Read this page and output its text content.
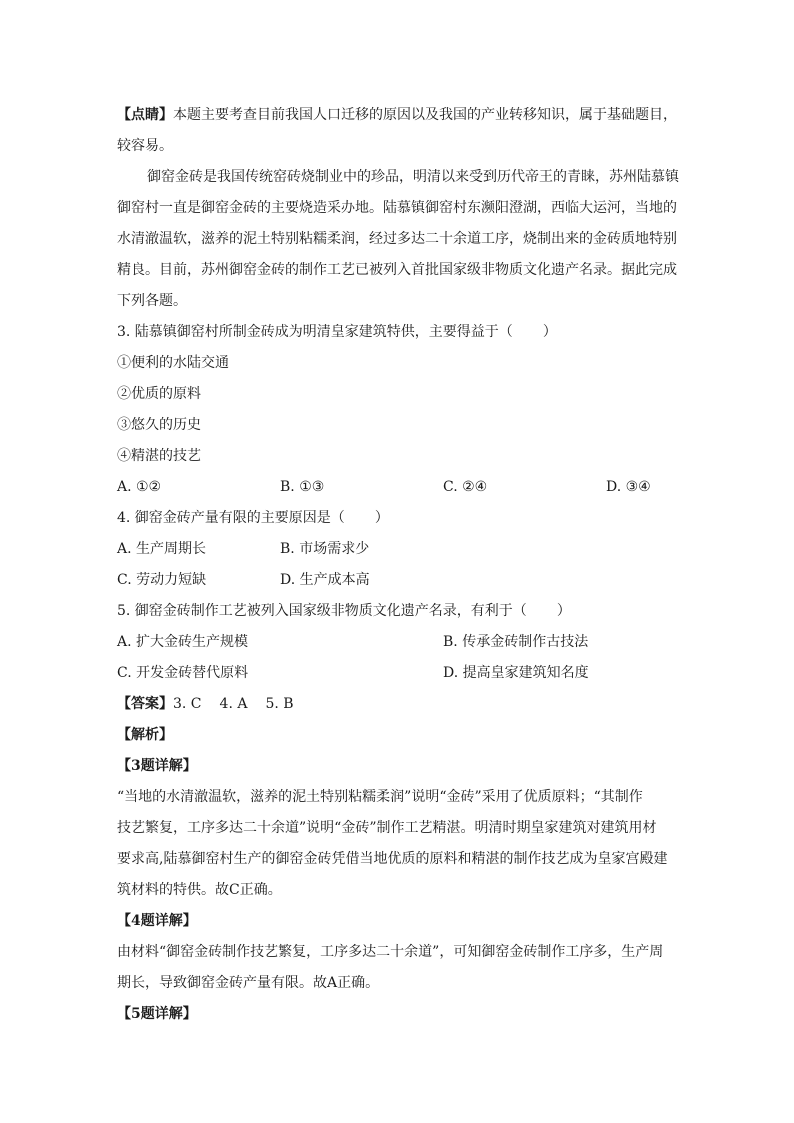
【点睛】本题主要考查目前我国人口迁移的原因以及我国的产业转移知识，属于基础题目，
较容易。
御窑金砖是我国传统窑砖烧制业中的珍品，明清以来受到历代帝王的青睐，苏州陆慕镇
御窑村一直是御窑金砖的主要烧造采办地。陆慕镇御窑村东濒阳澄湖，西临大运河，当地的
水清澈温软，滋养的泥土特别粘糯柔润，经过多达二十余道工序，烧制出来的金砖质地特别
精良。目前，苏州御窑金砖的制作工艺已被列入首批国家级非物质文化遗产名录。据此完成
下列各题。
3. 陆慕镇御窑村所制金砖成为明清皇家建筑特供，主要得益于（ ）
①便利的水陆交通
②优质的原料
③悠久的历史
④精湛的技艺
A. ①②	B. ①③	C. ②④	D. ③④
4. 御窑金砖产量有限的主要原因是（ ）
A. 生产周期长	B. 市场需求少
C. 劳动力短缺	D. 生产成本高
5. 御窑金砖制作工艺被列入国家级非物质文化遗产名录，有利于（ ）
A. 扩大金砖生产规模	B. 传承金砖制作古技法
C. 开发金砖替代原料	D. 提高皇家建筑知名度
【答案】3. C 4. A 5. B
【解析】
【3题详解】
“当地的水清澈温软，滋养的泥土特别粘糯柔润”说明“金砖”采用了优质原料；“其制作
技艺繁复，工序多达二十余道”说明“金砖”制作工艺精湛。明清时期皇家建筑对建筑用材
要求高,陆慕御窑村生产的御窑金砖凭借当地优质的原料和精湛的制作技艺成为皇家宫殿建
筑材料的特供。故C正确。
【4题详解】
由材料“御窑金砖制作技艺繁复，工序多达二十余道”，可知御窑金砖制作工序多，生产周
期长，导致御窑金砖产量有限。故A正确。
【5题详解】
